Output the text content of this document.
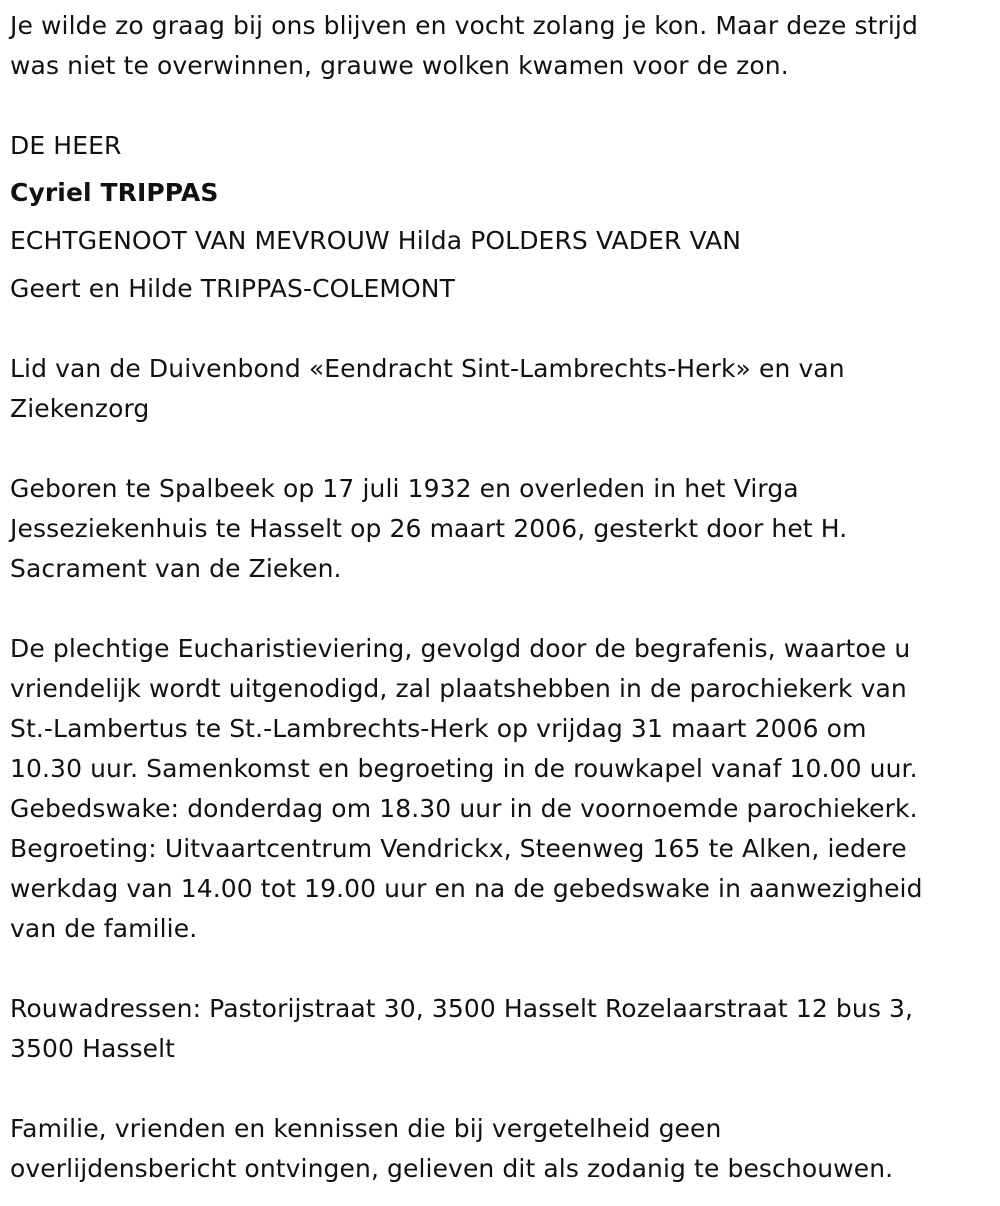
Je wilde zo graag bij ons blijven en vocht zolang je kon. Maar deze strijd
was niet te overwinnen, grauwe wolken kwamen voor de zon.
DE HEER
Cyriel TRIPPAS
ECHTGENOOT VAN MEVROUW Hilda POLDERS VADER VAN
Geert en Hilde TRIPPAS-COLEMONT
Lid van de Duivenbond «Eendracht Sint-Lambrechts-Herk» en van
Ziekenzorg
Geboren te Spalbeek op 17 juli 1932 en overleden in het Virga
Jesseziekenhuis te Hasselt op 26 maart 2006, gesterkt door het H.
Sacrament van de Zieken.
De plechtige Eucharistieviering, gevolgd door de begrafenis, waartoe u
vriendelijk wordt uitgenodigd, zal plaatshebben in de parochiekerk van
St.-Lambertus te St.-Lambrechts-Herk op vrijdag 31 maart 2006 om
10.30 uur. Samenkomst en begroeting in de rouwkapel vanaf 10.00 uur.
Gebedswake: donderdag om 18.30 uur in de voornoemde parochiekerk.
Begroeting: Uitvaartcentrum Vendrickx, Steenweg 165 te Alken, iedere
werkdag van 14.00 tot 19.00 uur en na de gebedswake in aanwezigheid
van de familie.
Rouwadressen: Pastorijstraat 30, 3500 Hasselt Rozelaarstraat 12 bus 3,
3500 Hasselt
Familie, vrienden en kennissen die bij vergetelheid geen
overlijdensbericht ontvingen, gelieven dit als zodanig te beschouwen.
